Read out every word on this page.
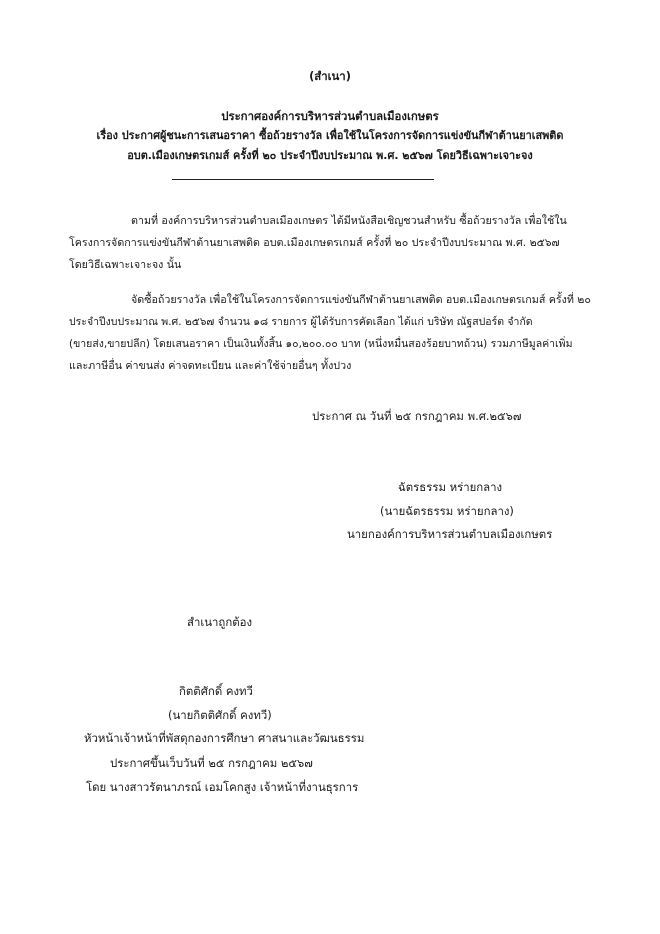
(สำเนา)
ประกาศองค์การบริหารส่วนตำบลเมืองเกษตร
เรื่อง ประกาศผู้ชนะการเสนอราคา ซื้อถ้วยรางวัล เพื่อใช้ในโครงการจัดการแข่งขันกีฬาต้านยาเสพติด
อบต.เมืองเกษตรเกมส์ ครั้งที่ ๒๐ ประจำปีงบประมาณ พ.ศ. ๒๕๖๗ โดยวิธีเฉพาะเจาะจง
ตามที่ องค์การบริหารส่วนตำบลเมืองเกษตร ได้มีหนังสือเชิญชวนสำหรับ ซื้อถ้วยรางวัล เพื่อใช้ใน
โครงการจัดการแข่งขันกีฬาต้านยาเสพติด อบต.เมืองเกษตรเกมส์ ครั้งที่ ๒๐ ประจำปีงบประมาณ พ.ศ. ๒๕๖๗
โดยวิธีเฉพาะเจาะจง นั้น
จัดซื้อถ้วยรางวัล เพื่อใช้ในโครงการจัดการแข่งขันกีฬาต้านยาเสพติด อบต.เมืองเกษตรเกมส์ ครั้งที่ ๒๐
ประจำปีงบประมาณ พ.ศ. ๒๕๖๗ จำนวน ๑๘ รายการ ผู้ได้รับการคัดเลือก ได้แก่ บริษัท ณัฐสปอร์ต จำกัด
(ขายส่ง,ขายปลีก) โดยเสนอราคา เป็นเงินทั้งสิ้น ๑๐,๒๐๐.๐๐ บาท (หนึ่งหมื่นสองร้อยบาทถ้วน) รวมภาษีมูลค่าเพิ่ม
และภาษีอื่น ค่าขนส่ง ค่าจดทะเบียน และค่าใช้จ่ายอื่นๆ ทั้งปวง
ประกาศ ณ วันที่ ๒๕ กรกฎาคม พ.ศ.๒๕๖๗
ฉัตรธรรม หร่ายกลาง
(นายฉัตรธรรม หร่ายกลาง)
นายกองค์การบริหารส่วนตำบลเมืองเกษตร
สำเนาถูกต้อง
กิตติศักดิ์ คงทวี
(นายกิตติศักดิ์ คงทวี)
หัวหน้าเจ้าหน้าที่พัสดุกองการศึกษา ศาสนาและวัฒนธรรม
ประกาศขึ้นเว็บวันที่ ๒๕ กรกฎาคม ๒๕๖๗
โดย นางสาวรัตนาภรณ์ เอมโคกสูง เจ้าหน้าที่งานธุรการ
